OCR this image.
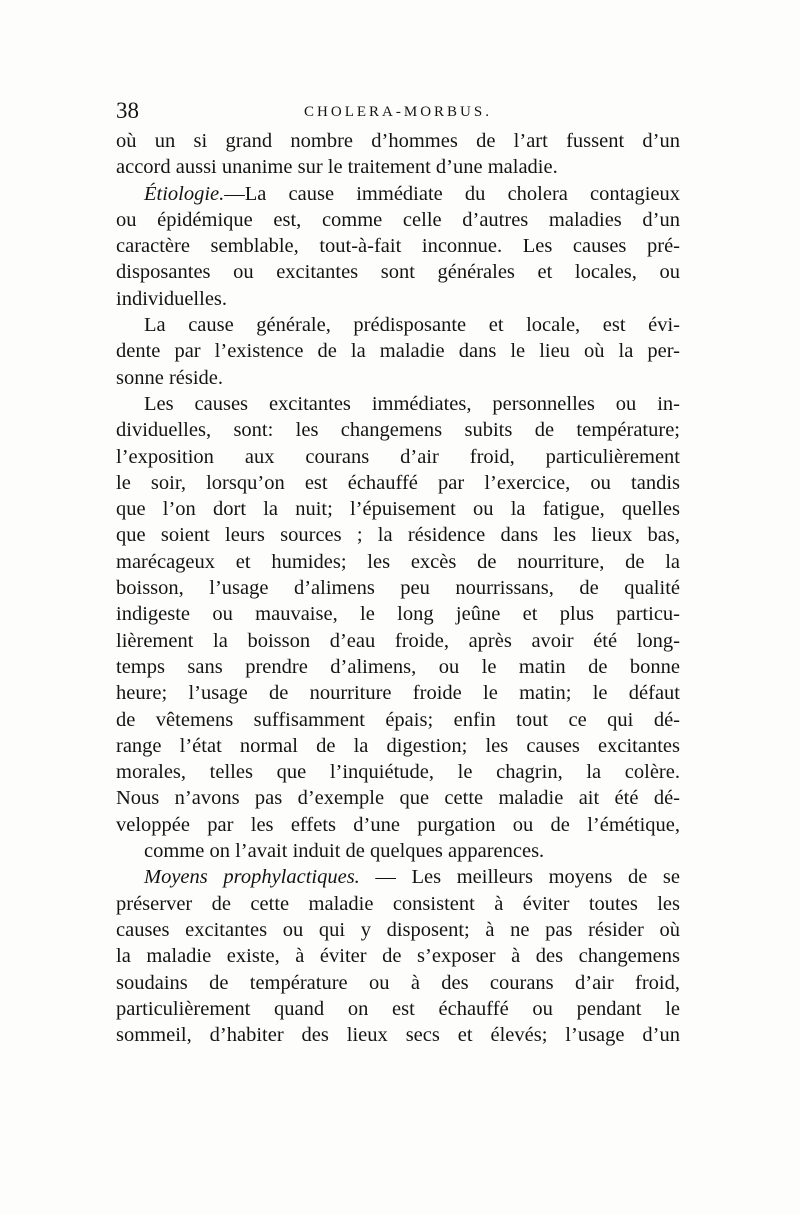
38	CHOLERA-MORBUS.
où un si grand nombre d’hommes de l’art fussent d’un
accord aussi unanime sur le traitement d’une maladie.
Étiologie.—La cause immédiate du cholera contagieux
ou épidémique est, comme celle d’autres maladies d’un
caractère semblable, tout-à-fait inconnue. Les causes pré-
disposantes ou excitantes sont générales et locales, ou
individuelles.
La cause générale, prédisposante et locale, est évi-
dente par l’existence de la maladie dans le lieu où la per-
sonne réside.
Les causes excitantes immédiates, personnelles ou in-
dividuelles, sont: les changemens subits de température;
l’exposition aux courans d’air froid, particulièrement
le soir, lorsqu’on est échauffé par l’exercice, ou tandis
que l’on dort la nuit; l’épuisement ou la fatigue, quelles
que soient leurs sources ; la résidence dans les lieux bas,
marécageux et humides; les excès de nourriture, de la
boisson, l’usage d’alimens peu nourrissans, de qualité
indigeste ou mauvaise, le long jeûne et plus particu-
lièrement la boisson d’eau froide, après avoir été long-
temps sans prendre d’alimens, ou le matin de bonne
heure; l’usage de nourriture froide le matin; le défaut
de vêtemens suffisamment épais; enfin tout ce qui dé-
range l’état normal de la digestion; les causes excitantes
morales, telles que l’inquiétude, le chagrin, la colère.
Nous n’avons pas d’exemple que cette maladie ait été dé-
veloppée par les effets d’une purgation ou de l’émétique,
comme on l’avait induit de quelques apparences.
Moyens prophylactiques. — Les meilleurs moyens de se
préserver de cette maladie consistent à éviter toutes les
causes excitantes ou qui y disposent; à ne pas résider où
la maladie existe, à éviter de s’exposer à des changemens
soudains de température ou à des courans d’air froid,
particulièrement quand on est échauffé ou pendant le
sommeil, d’habiter des lieux secs et élevés; l’usage d’un
